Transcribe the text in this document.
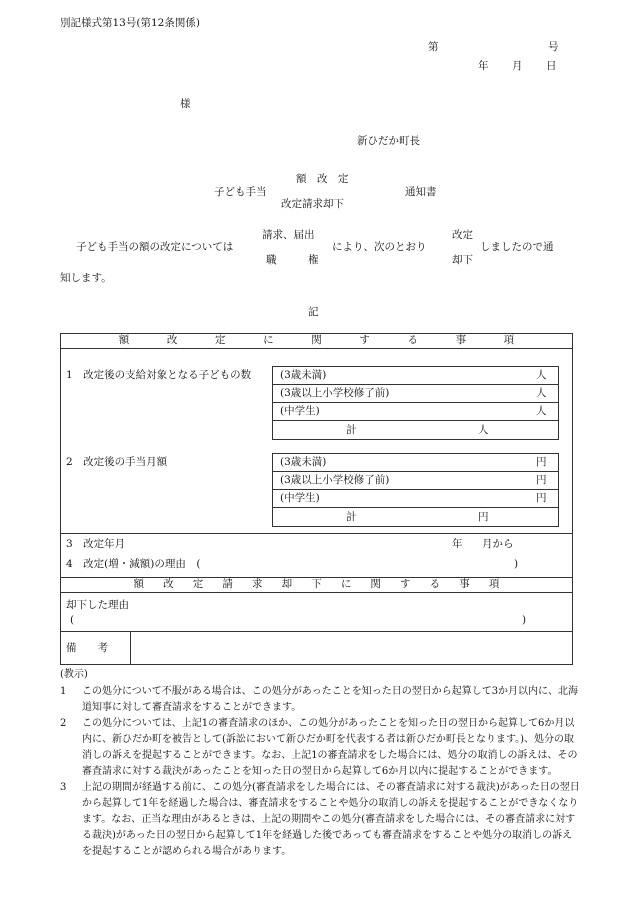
別記様式第13号(第12条関係)
第	号
年 月 日
様
新ひだか町長
額　改　定
子ども手当	通知書
改定請求却下
請求、届出	改定
子ども手当の額の改定については	により、次のとおり	しましたので通
職　　　権	却下
知します。
記
額	改	定	に	関	す	る	事	項
1　改定後の支給対象となる子どもの数	(3歳未満)	人
(3歳以上小学校修了前)	人
(中学生)	人
計	人
2　改定後の手当月額	(3歳未満)	円
(3歳以上小学校修了前)	円
(中学生)	円
計	円
3　改定年月	年 月から
4　改定(増・減額)の理由　(	)
額 改 定 請 求 却 下 に 関 す る 事 項
却下した理由
(	)
備　　考
(教示)
1	この処分について不服がある場合は、この処分があったことを知った日の翌日から起算して3か月以内に、北海道知事に対して審査請求をすることができます。
2	この処分については、上記1の審査請求のほか、この処分があったことを知った日の翌日から起算して6か月以内に、新ひだか町を被告として(訴訟において新ひだか町を代表する者は新ひだか町長となります。)、処分の取消しの訴えを提起することができます。なお、上記1の審査請求をした場合には、処分の取消しの訴えは、その審査請求に対する裁決があったことを知った日の翌日から起算して6か月以内に提起することができます。
3	上記の期間が経過する前に、この処分(審査請求をした場合には、その審査請求に対する裁決)があった日の翌日から起算して1年を経過した場合は、審査請求をすることや処分の取消しの訴えを提起することができなくなります。なお、正当な理由があるときは、上記の期間やこの処分(審査請求をした場合には、その審査請求に対する裁決)があった日の翌日から起算して1年を経過した後であっても審査請求をすることや処分の取消しの訴えを提起することが認められる場合があります。
